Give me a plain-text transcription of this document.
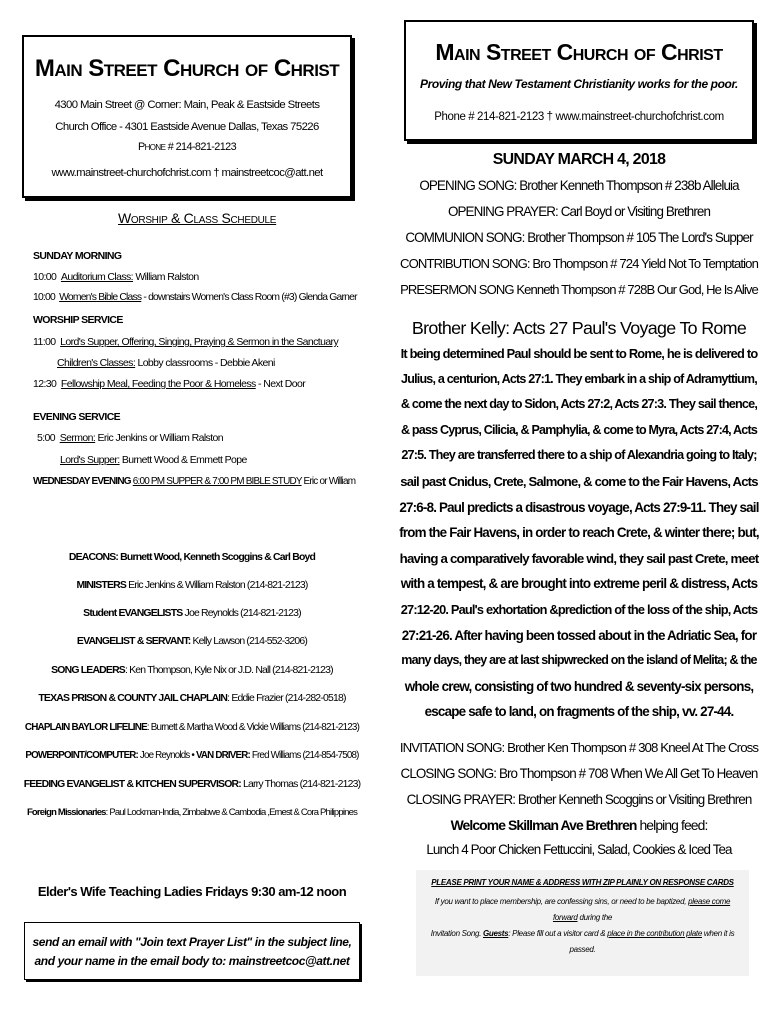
Main Street Church of Christ
4300 Main Street @ Corner: Main, Peak & Eastside Streets
Church Office - 4301 Eastside Avenue Dallas, Texas 75226
Phone # 214-821-2123
www.mainstreet-churchofchrist.com † mainstreetcoc@att.net
Worship & Class Schedule
SUNDAY MORNING
10:00 Auditorium Class: William Ralston
10:00 Women's Bible Class - downstairs Women's Class Room (#3) Glenda Garner
WORSHIP SERVICE
11:00 Lord's Supper, Offering, Singing, Praying & Sermon in the Sanctuary
Children's Classes: Lobby classrooms - Debbie Akeni
12:30 Fellowship Meal, Feeding the Poor & Homeless - Next Door
EVENING SERVICE
5:00 Sermon: Eric Jenkins or William Ralston
Lord's Supper: Burnett Wood & Emmett Pope
WEDNESDAY EVENING 6:00 PM SUPPER & 7:00 PM BIBLE STUDY Eric or William
DEACONS: Burnett Wood, Kenneth Scoggins & Carl Boyd
MINISTERS Eric Jenkins & William Ralston (214-821-2123)
Student EVANGELISTS Joe Reynolds (214-821-2123)
EVANGELIST & SERVANT: Kelly Lawson (214-552-3206)
SONG LEADERS: Ken Thompson, Kyle Nix or J.D. Nall (214-821-2123)
TEXAS PRISON & COUNTY JAIL CHAPLAIN: Eddie Frazier (214-282-0518)
CHAPLAIN BAYLOR LIFELINE: Burnett & Martha Wood & Vickie Williams (214-821-2123)
POWERPOINT/COMPUTER: Joe Reynolds • VAN DRIVER: Fred Williams (214-854-7508)
FEEDING EVANGELIST & KITCHEN SUPERVISOR: Larry Thomas (214-821-2123)
Foreign Missionaries: Paul Lockman-India, Zimbabwe & Cambodia ,Ernest & Cora Philippines
Elder's Wife Teaching Ladies Fridays 9:30 am-12 noon
send an email with "Join text Prayer List" in the subject line, and your name in the email body to: mainstreetcoc@att.net
Main Street Church of Christ
Proving that New Testament Christianity works for the poor.
Phone # 214-821-2123 † www.mainstreet-churchofchrist.com
SUNDAY MARCH 4, 2018
OPENING SONG: Brother Kenneth Thompson # 238b Alleluia
OPENING PRAYER: Carl Boyd or Visiting Brethren
COMMUNION SONG: Brother Thompson # 105 The Lord's Supper
CONTRIBUTION SONG: Bro Thompson # 724 Yield Not To Temptation
PRESERMON SONG Kenneth Thompson # 728B Our God, He Is Alive
Brother Kelly: Acts 27 Paul's Voyage To Rome
It being determined Paul should be sent to Rome, he is delivered to
Julius, a centurion, Acts 27:1. They embark in a ship of Adramyttium,
& come the next day to Sidon, Acts 27:2, Acts 27:3. They sail thence,
& pass Cyprus, Cilicia, & Pamphylia, & come to Myra, Acts 27:4, Acts
27:5. They are transferred there to a ship of Alexandria going to Italy;
sail past Cnidus, Crete, Salmone, & come to the Fair Havens, Acts
27:6-8. Paul predicts a disastrous voyage, Acts 27:9-11. They sail
from the Fair Havens, in order to reach Crete, & winter there; but,
having a comparatively favorable wind, they sail past Crete, meet
with a tempest, & are brought into extreme peril & distress, Acts
27:12-20. Paul's exhortation &prediction of the loss of the ship, Acts
27:21-26. After having been tossed about in the Adriatic Sea, for
many days, they are at last shipwrecked on the island of Melita; & the
whole crew, consisting of two hundred & seventy-six persons,
escape safe to land, on fragments of the ship, vv. 27-44.
INVITATION SONG: Brother Ken Thompson # 308 Kneel At The Cross
CLOSING SONG: Bro Thompson # 708 When We All Get To Heaven
CLOSING PRAYER: Brother Kenneth Scoggins or Visiting Brethren
Welcome Skillman Ave Brethren helping feed:
Lunch 4 Poor Chicken Fettuccini, Salad, Cookies & Iced Tea
PLEASE PRINT YOUR NAME & ADDRESS WITH ZIP PLAINLY ON RESPONSE CARDS
If you want to place membership, are confessing sins, or need to be baptized, please come forward during the
Invitation Song. Guests: Please fill out a visitor card & place in the contribution plate when it is passed.
